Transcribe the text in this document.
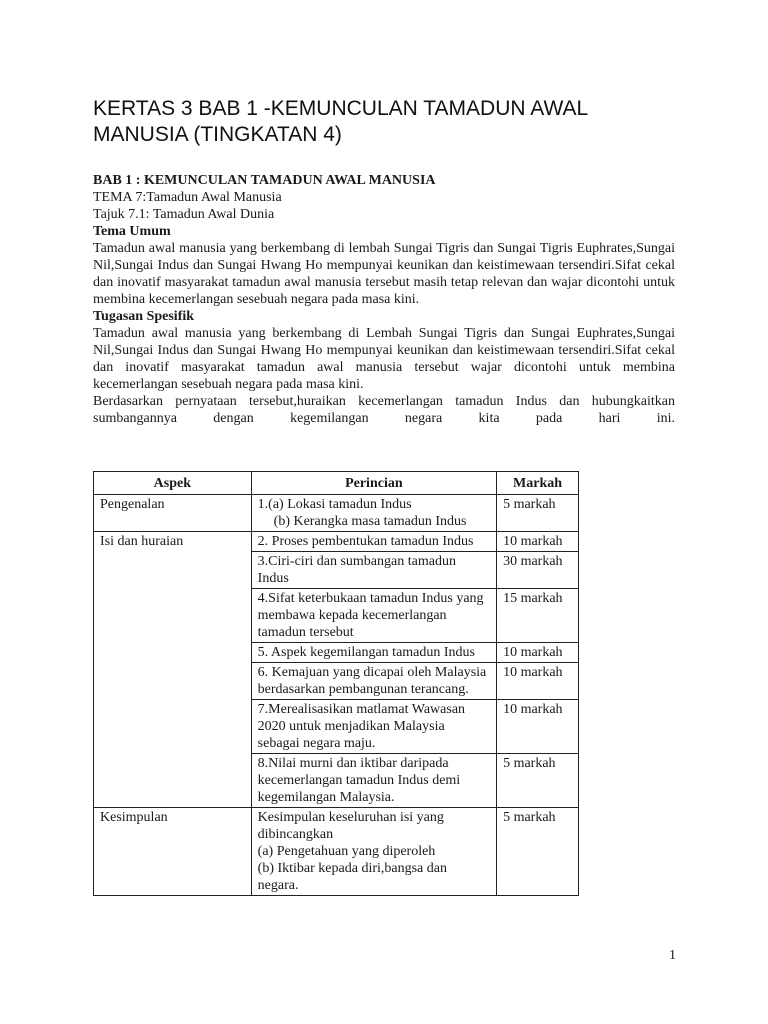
KERTAS 3 BAB 1 -KEMUNCULAN TAMADUN AWAL
MANUSIA (TINGKATAN 4)

BAB 1 : KEMUNCULAN TAMADUN AWAL MANUSIA

TEMA 7:Tamadun Awal Manusia

Tajuk 7.1: Tamadun Awal Dunia

Tema Umum

Tamadun awal manusia yang berkembang di lembah Sungai Tigris dan Sungai Tigris Euphrates,Sungai Nil,Sungai Indus dan Sungai Hwang Ho mempunyai keunikan dan keistimewaan tersendiri.Sifat cekal dan inovatif masyarakat tamadun awal manusia tersebut masih tetap relevan dan wajar dicontohi untuk membina kecemerlangan sesebuah negara pada masa kini.

Tugasan Spesifik

Tamadun awal manusia yang berkembang di Lembah Sungai Tigris dan Sungai Euphrates,Sungai Nil,Sungai Indus dan Sungai Hwang Ho mempunyai keunikan dan keistimewaan tersendiri.Sifat cekal dan inovatif masyarakat tamadun awal manusia tersebut wajar dicontohi untuk membina kecemerlangan sesebuah negara pada masa kini.

Berdasarkan pernyataan tersebut,huraikan kecemerlangan tamadun Indus dan hubungkaitkan

sumbangannya dengan kegemilangan negara kita pada hari ini.

Aspek	Perincian	Markah
Pengenalan	1.(a) Lokasi tamadun Indus
(b) Kerangka masa tamadun Indus	5 markah
Isi dan huraian	2. Proses pembentukan tamadun Indus	10 markah
	3.Ciri-ciri dan sumbangan tamadun Indus	30 markah
	4.Sifat keterbukaan tamadun Indus yang membawa kepada kecemerlangan tamadun tersebut	15 markah
	5. Aspek kegemilangan tamadun Indus	10 markah
	6. Kemajuan yang dicapai oleh Malaysia berdasarkan pembangunan terancang.	10 markah
	7.Merealisasikan matlamat Wawasan 2020 untuk menjadikan Malaysia sebagai negara maju.	10 markah
	8.Nilai murni dan iktibar daripada kecemerlangan tamadun Indus demi kegemilangan Malaysia.	5 markah
Kesimpulan	Kesimpulan keseluruhan isi yang dibincangkan
(a) Pengetahuan yang diperoleh
(b) Iktibar kepada diri,bangsa dan negara.	5 markah
1
